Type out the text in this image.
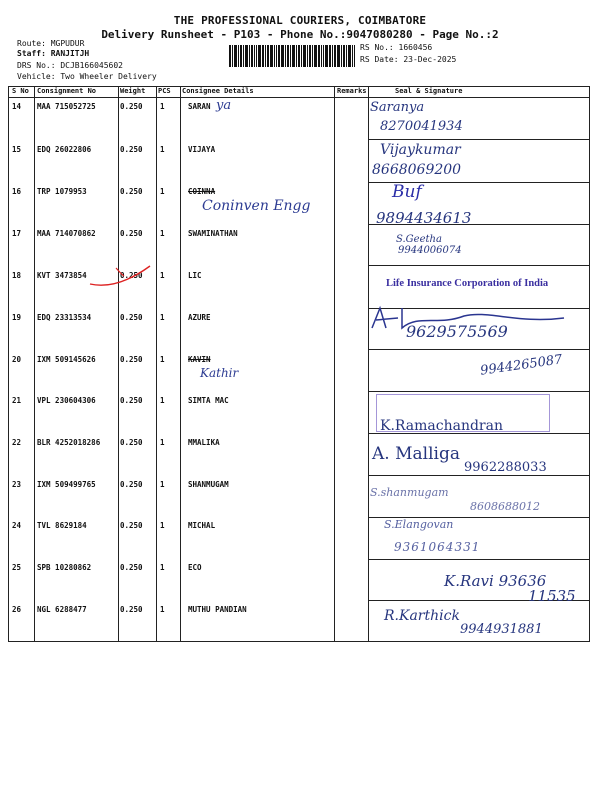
THE PROFESSIONAL COURIERS, COIMBATORE
Delivery Runsheet - P103 - Phone No.:9047080280 - Page No.:2
Route: MGPUDUR
Staff: RANJITJH
DRS No.: DCJB166045602
Vehicle: Two Wheeler Delivery
RS No.: 1660456
RS Date: 23-Dec-2025
S No Consignment No	Weight PCS Consignee Details	Remarks	Seal & Signature
14 MAA 715052725	0.250 1	SARAN ya	Saranya
8270041934
15 EDQ 26022806	0.250 1	VIJAYA	Vijaykumar
8668069200
16 TRP 1079953	0.250 1	COINNA
Coninven Engg
Buf
9894434613
17 MAA 714070862	0.250 1	SWAMINATHAN
S.Geetha
9944006074
18 KVT 3473854	0.250 1	LIC
Life Insurance Corporation of India
19 EDQ 23313534	0.250 1	AZURE
9629575569
20 IXM 509145626	0.250 1	KAVIN
Kathir	9944265087
21 VPL 230604306	0.250 1	SIMTA MAC
K.Ramachandran
22 BLR 4252018286	0.250 1	MMALIKA
A. Malliga
9962288033
23 IXM 509499765	0.250 1	SHANMUGAM
S.shanmugam
8608688012
24 TVL 8629184	0.250 1	MICHAL	S.Elangovan
9361064331
25 SPB 10280862	0.250 1	ECO
K.Ravi 93636
11535
26 NGL 6288477	0.250 1	MUTHU PANDIAN	R.Karthick
9944931881
